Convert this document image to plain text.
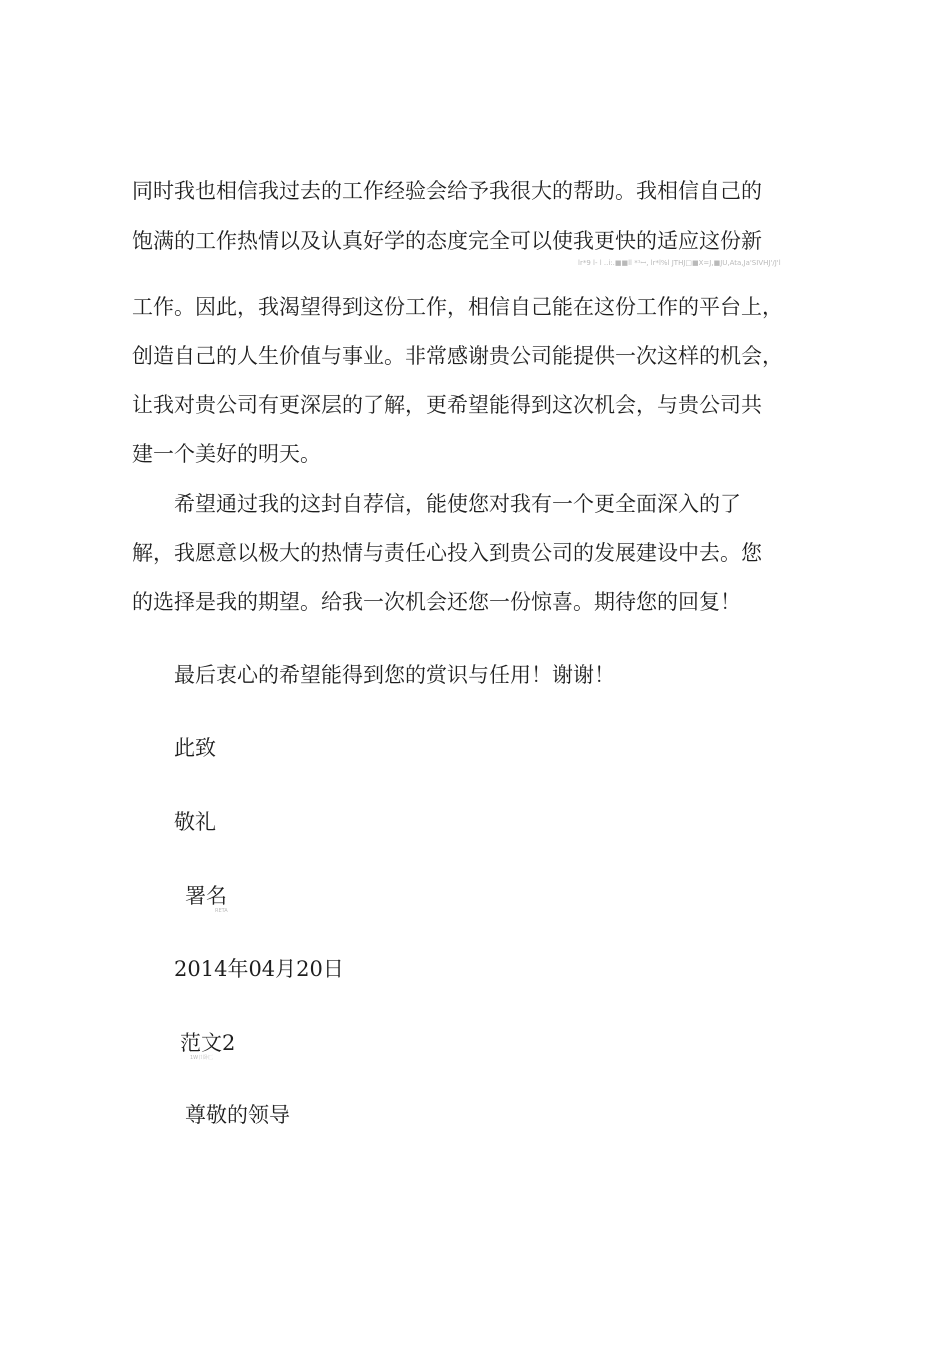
同时我也相信我过去的工作经验会给予我很大的帮助。我相信自己的
饱满的工作热情以及认真好学的态度完全可以使我更快的适应这份新
lr*9 l- l ..i:.■■ll *¹ꟷ, lr*l%l JTHJ□■X=J,■JU,Ata,Ja'SIVHJ'/J'l
工作。因此，我渴望得到这份工作，相信自己能在这份工作的平台上，
创造自己的人生价值与事业。非常感谢贵公司能提供一次这样的机会，
让我对贵公司有更深层的了解，更希望能得到这次机会，与贵公司共
建一个美好的明天。
希望通过我的这封自荐信，能使您对我有一个更全面深入的了
解，我愿意以极大的热情与责任心投入到贵公司的发展建设中去。您
的选择是我的期望。给我一次机会还您一份惊喜。期待您的回复！
最后衷心的希望能得到您的赏识与任用！谢谢！
此致
敬礼
署名
RETA
2014年04月20日
范文2
1W卩卧匚
尊敬的领导
